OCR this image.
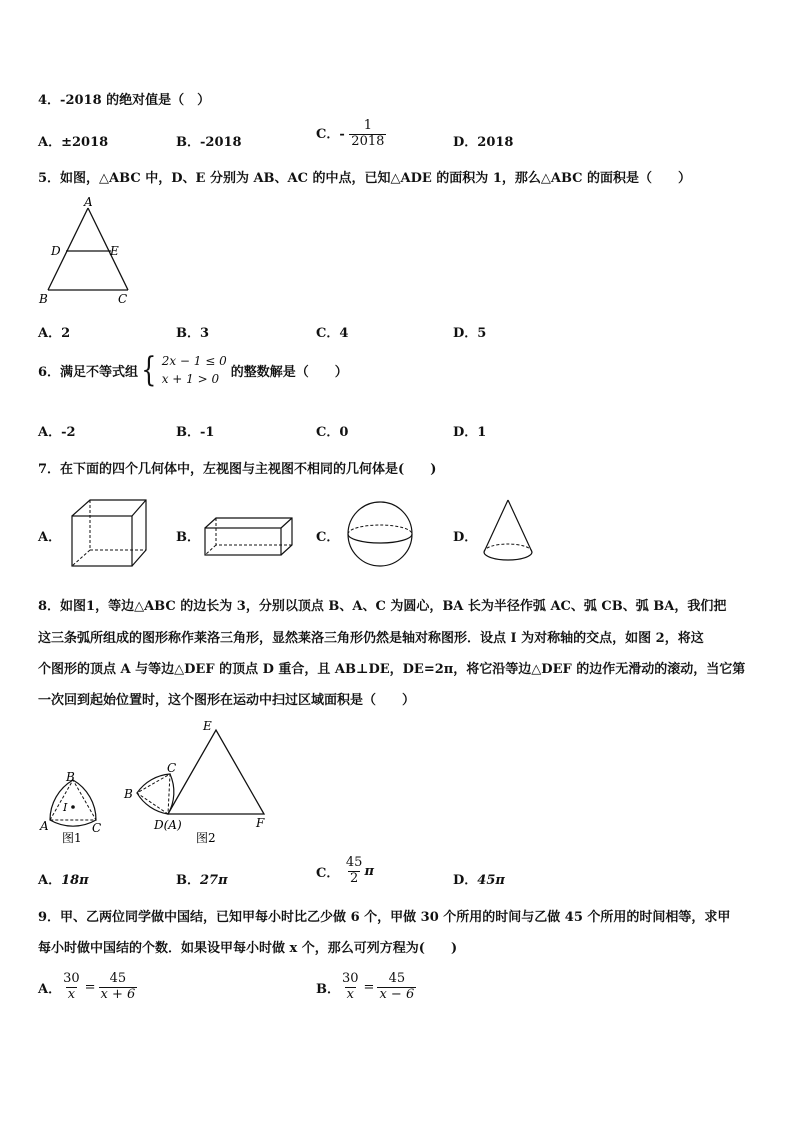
4．-2018 的绝对值是（　）
A．±2018	B．-2018
C．- $\frac{1}{2018}$	D．2018
5．如图，△ABC 中，D、E 分别为 AB、AC 的中点，已知△ADE 的面积为 1，那么△ABC 的面积是（　　）
A
D	E
B	C
A．2	B．3	C．4	D．5
6．满足不等式组 { 2x − 1 ≤ 0
x + 1 > 0 的整数解是（　　）
A．-2	B．-1	C．0	D．1
7．在下面的四个几何体中，左视图与主视图不相同的几何体是(　　)
A．	B．	C．	D．
8．如图1，等边△ABC 的边长为 3，分别以顶点 B、A、C 为圆心，BA 长为半径作弧 AC、弧 CB、弧 BA，我们把
这三条弧所组成的图形称作莱洛三角形，显然莱洛三角形仍然是轴对称图形．设点 I 为对称轴的交点，如图 2，将这
个图形的顶点 A 与等边△DEF 的顶点 D 重合，且 AB⊥DE，DE=2π，将它沿等边△DEF 的边作无滑动的滚动，当它第
一次回到起始位置时，这个图形在运动中扫过区域面积是（　　）
B
I
A	C
图1
E
C
B
D(A)	F
图2
A．18π	B．27π	C． $\frac{45}{2}$ π
D．45π
9．甲、乙两位同学做中国结，已知甲每小时比乙少做 6 个，甲做 30 个所用的时间与乙做 45 个所用的时间相等，求甲
每小时做中国结的个数．如果设甲每小时做 x 个，那么可列方程为(　　)
A． $\frac{30}{x} = \frac{45}{x + 6}$	B． $\frac{30}{x} = \frac{45}{x - 6}$
